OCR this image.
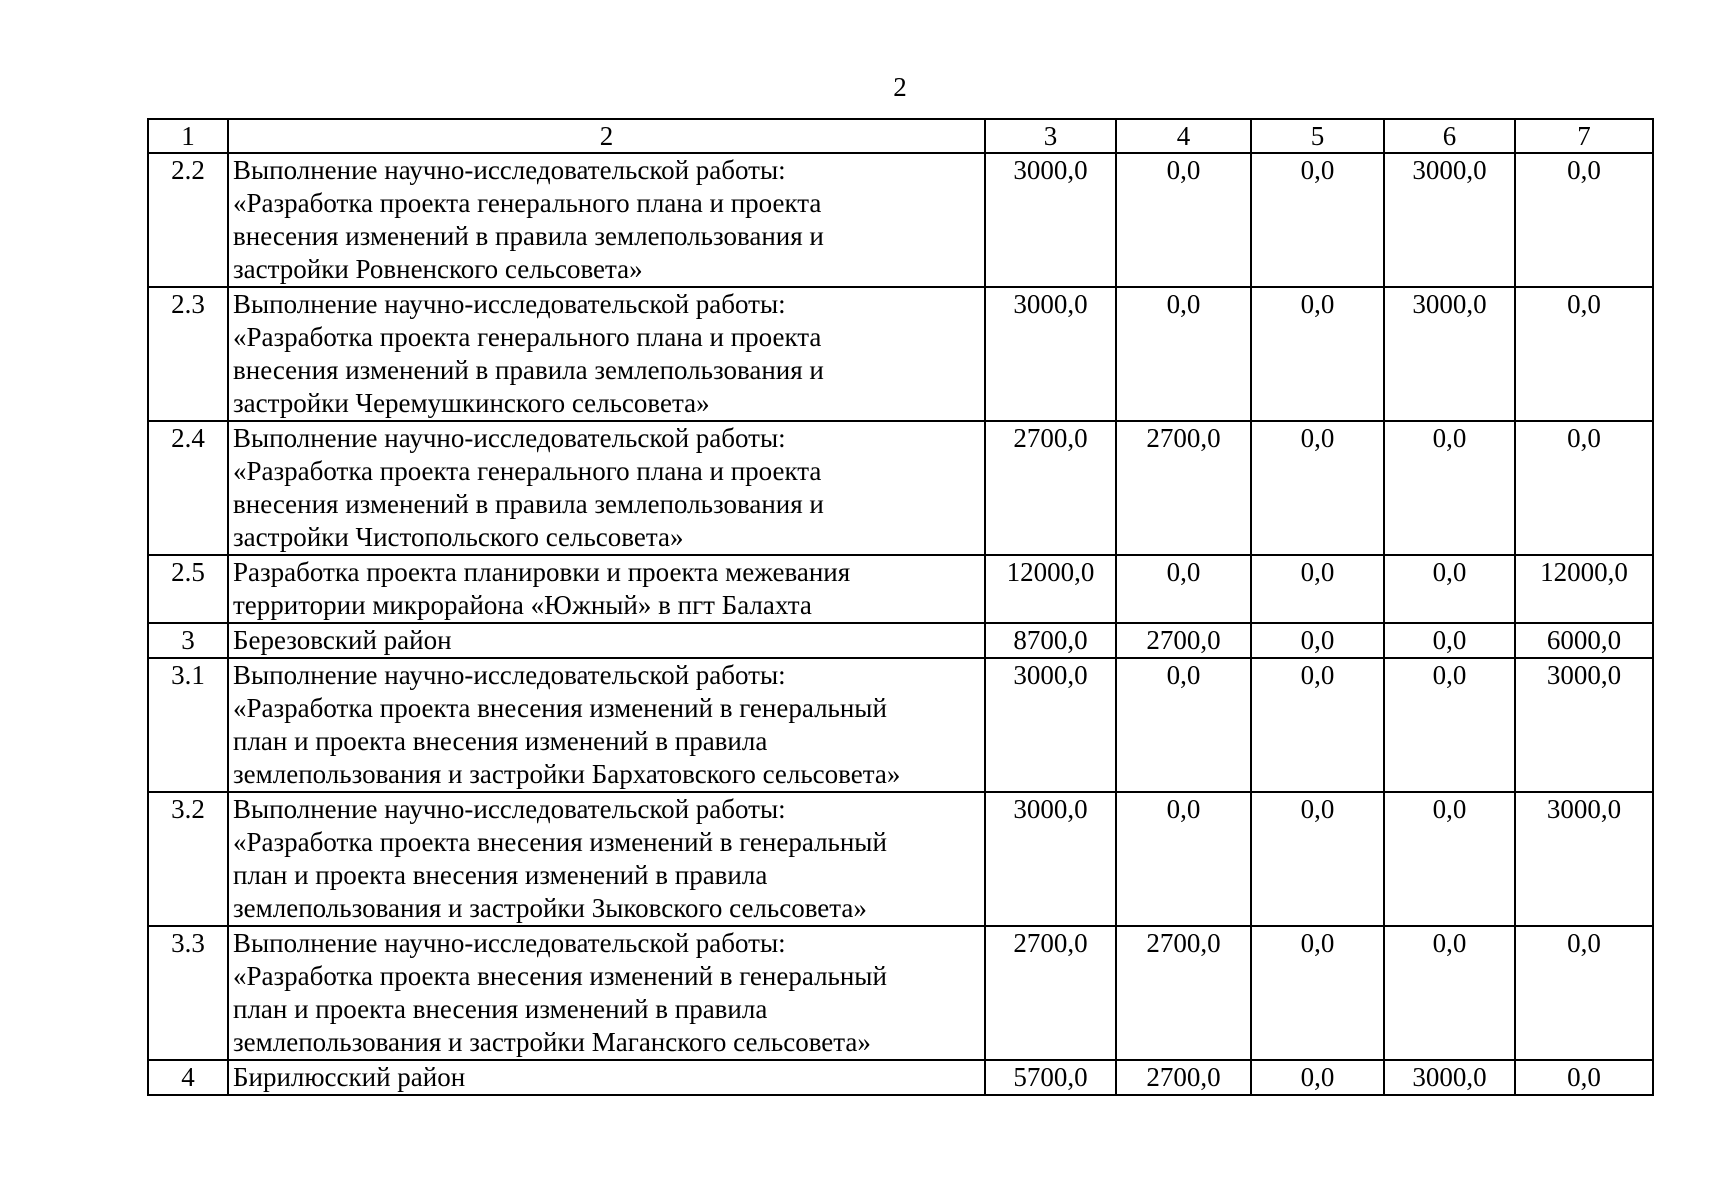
2
1	2	3	4	5	6	7
2.2	Выполнение научно-исследовательской работы:
«Разработка проекта генерального плана и проекта
внесения изменений в правила землепользования и
застройки Ровненского сельсовета»	3000,0	0,0	0,0	3000,0	0,0
2.3	Выполнение научно-исследовательской работы:
«Разработка проекта генерального плана и проекта
внесения изменений в правила землепользования и
застройки Черемушкинского сельсовета»	3000,0	0,0	0,0	3000,0	0,0
2.4	Выполнение научно-исследовательской работы:
«Разработка проекта генерального плана и проекта
внесения изменений в правила землепользования и
застройки Чистопольского сельсовета»	2700,0	2700,0	0,0	0,0	0,0
2.5	Разработка проекта планировки и проекта межевания
территории микрорайона «Южный» в пгт Балахта	12000,0	0,0	0,0	0,0	12000,0
3	Березовский район	8700,0	2700,0	0,0	0,0	6000,0
3.1	Выполнение научно-исследовательской работы:
«Разработка проекта внесения изменений в генеральный
план и проекта внесения изменений в правила
землепользования и застройки Бархатовского сельсовета»	3000,0	0,0	0,0	0,0	3000,0
3.2	Выполнение научно-исследовательской работы:
«Разработка проекта внесения изменений в генеральный
план и проекта внесения изменений в правила
землепользования и застройки Зыковского сельсовета»	3000,0	0,0	0,0	0,0	3000,0
3.3	Выполнение научно-исследовательской работы:
«Разработка проекта внесения изменений в генеральный
план и проекта внесения изменений в правила
землепользования и застройки Маганского сельсовета»	2700,0	2700,0	0,0	0,0	0,0
4	Бирилюсский район	5700,0	2700,0	0,0	3000,0	0,0
